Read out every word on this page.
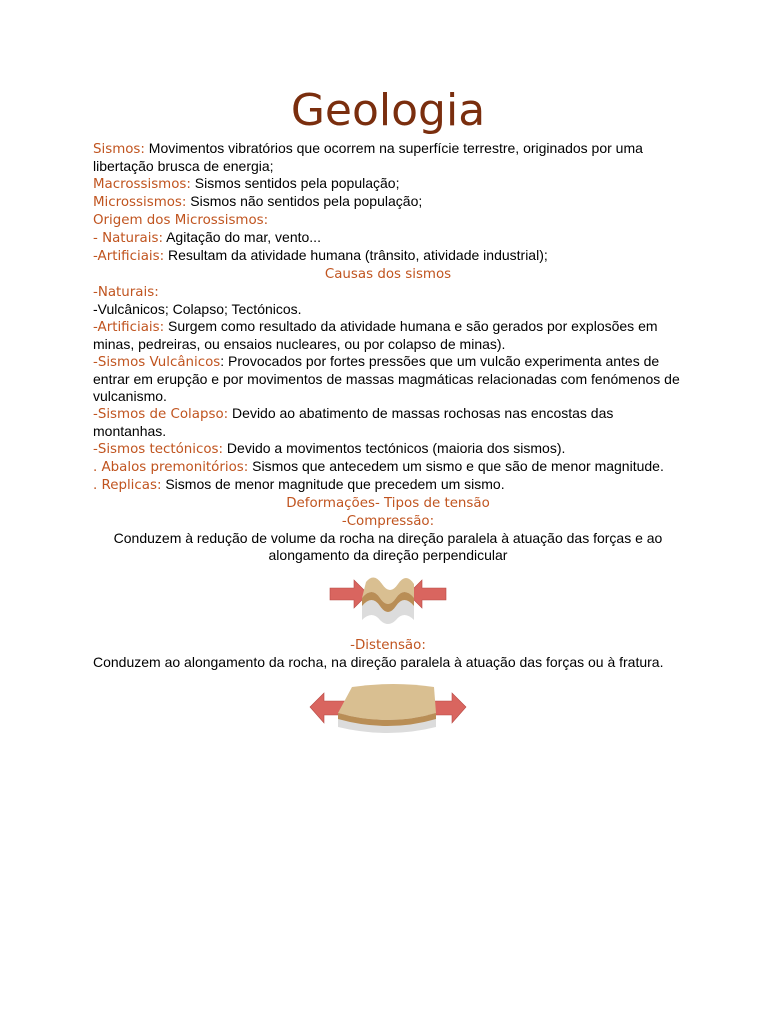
Geologia

Sismos: Movimentos vibratórios que ocorrem na superfície terrestre, originados por uma libertação brusca de energia;

Macrossismos: Sismos sentidos pela população;

Microssismos: Sismos não sentidos pela população;

Origem dos Microssismos:

- Naturais: Agitação do mar, vento...

-Artificiais: Resultam da atividade humana (trânsito, atividade industrial);

Causas dos sismos

-Naturais:

-Vulcânicos; Colapso; Tectónicos.

-Artificiais: Surgem como resultado da atividade humana e são gerados por explosões em minas, pedreiras, ou ensaios nucleares, ou por colapso de minas).

-Sismos Vulcânicos: Provocados por fortes pressões que um vulcão experimenta antes de entrar em erupção e por movimentos de massas magmáticas relacionadas com fenómenos de vulcanismo.

-Sismos de Colapso: Devido ao abatimento de massas rochosas nas encostas das montanhas.

-Sismos tectónicos: Devido a movimentos tectónicos (maioria dos sismos).

. Abalos premonitórios: Sismos que antecedem um sismo e que são de menor magnitude.

. Replicas: Sismos de menor magnitude que precedem um sismo.

Deformações- Tipos de tensão

-Compressão:

Conduzem à redução de volume da rocha na direção paralela à atuação das forças e ao alongamento da direção perpendicular

-Distensão:

Conduzem ao alongamento da rocha, na direção paralela à atuação das forças ou à fratura.
